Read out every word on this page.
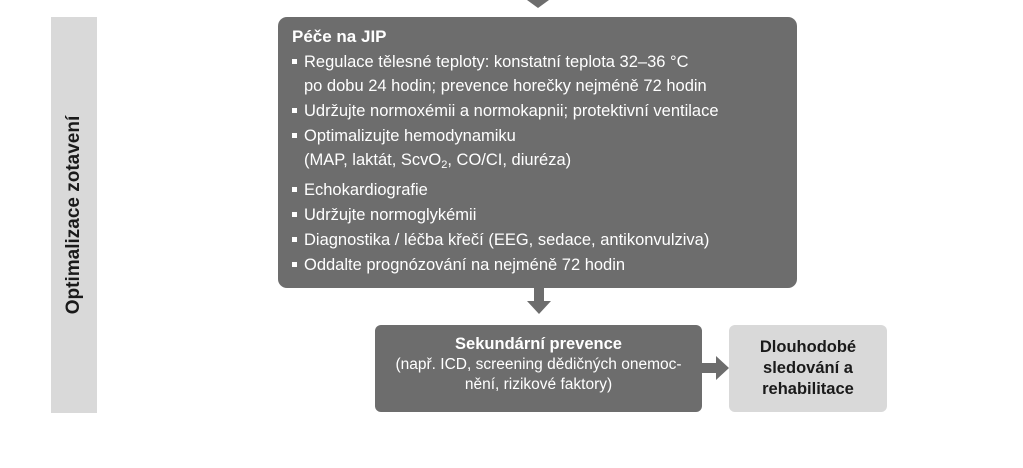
Optimalizace zotavení
Péče na JIP
Regulace tělesné teploty: konstatní teplota 32–36 °C
po dobu 24 hodin; prevence horečky nejméně 72 hodin
Udržujte normoxémii a normokapnii; protektivní ventilace
Optimalizujte hemodynamiku
(MAP, laktát, ScvO2, CO/CI, diuréza)
Echokardiografie
Udržujte normoglykémii
Diagnostika / léčba křečí (EEG, sedace, antikonvulziva)
Oddalte prognózování na nejméně 72 hodin
Sekundární prevence
(např. ICD, screening dědičných onemoc-
nění, rizikové faktory)
Dlouhodobé
sledování a
rehabilitace
